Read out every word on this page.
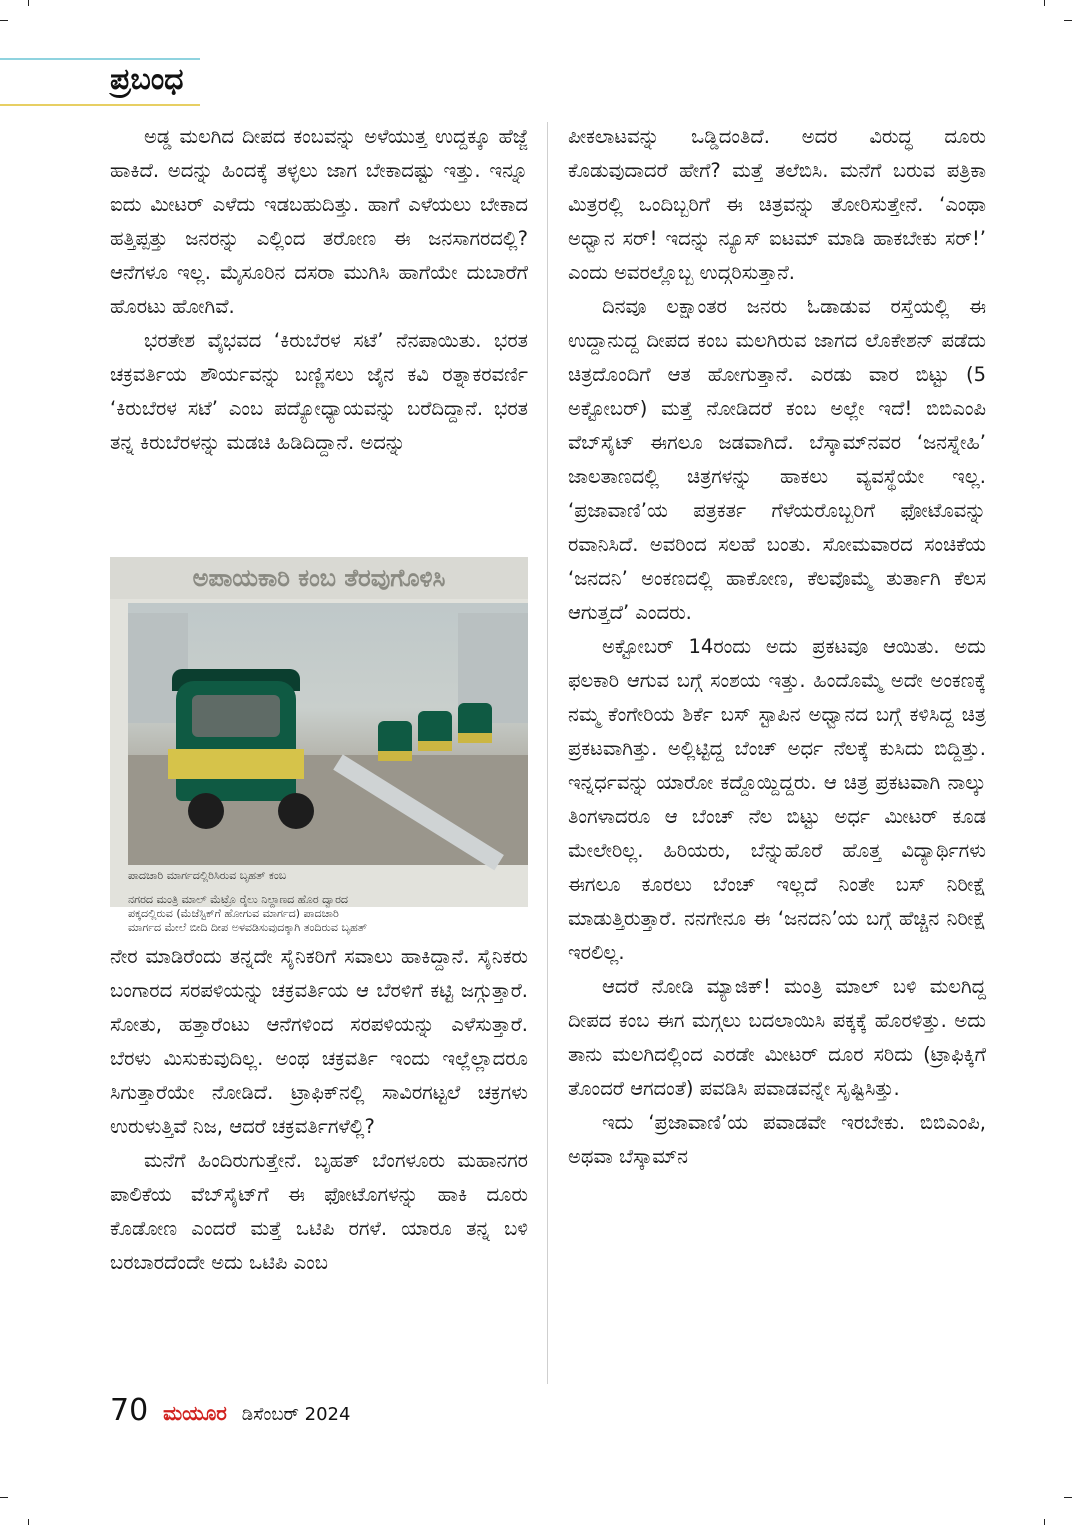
ಪ್ರಬಂಧ

ಅಡ್ಡ ಮಲಗಿದ ದೀಪದ ಕಂಬವನ್ನು ಅಳೆಯುತ್ತ ಉದ್ದಕ್ಕೂ ಹೆಜ್ಜೆ ಹಾಕಿದೆ. ಅದನ್ನು ಹಿಂದಕ್ಕೆ ತಳ್ಳಲು ಜಾಗ ಬೇಕಾದಷ್ಟು ಇತ್ತು. ಇನ್ನೂ ಐದು ಮೀಟರ್ ಎಳೆದು ಇಡಬಹುದಿತ್ತು. ಹಾಗೆ ಎಳೆಯಲು ಬೇಕಾದ ಹತ್ತಿಪ್ಪತ್ತು ಜನರನ್ನು ಎಲ್ಲಿಂದ ತರೋಣ ಈ ಜನಸಾಗರದಲ್ಲಿ? ಆನೆಗಳೂ ಇಲ್ಲ. ಮೈಸೂರಿನ ದಸರಾ ಮುಗಿಸಿ ಹಾಗೆಯೇ ದುಬಾರೆಗೆ ಹೊರಟು ಹೋಗಿವೆ.

ಭರತೇಶ ವೈಭವದ ‘ಕಿರುಬೆರಳ ಸಟೆ’ ನೆನಪಾಯಿತು. ಭರತ ಚಕ್ರವರ್ತಿಯ ಶೌರ್ಯವನ್ನು ಬಣ್ಣಿಸಲು ಜೈನ ಕವಿ ರತ್ನಾಕರವರ್ಣಿ ‘ಕಿರುಬೆರಳ ಸಟೆ’ ಎಂಬ ಪದ್ಯೋಧ್ಯಾಯವನ್ನು ಬರೆದಿದ್ದಾನೆ. ಭರತ ತನ್ನ ಕಿರುಬೆರಳನ್ನು ಮಡಚಿ ಹಿಡಿದಿದ್ದಾನೆ. ಅದನ್ನು

ನೇರ ಮಾಡಿರೆಂದು ತನ್ನದೇ ಸೈನಿಕರಿಗೆ ಸವಾಲು ಹಾಕಿದ್ದಾನೆ. ಸೈನಿಕರು ಬಂಗಾರದ ಸರಪಳಿಯನ್ನು ಚಕ್ರವರ್ತಿಯ ಆ ಬೆರಳಿಗೆ ಕಟ್ಟಿ ಜಗ್ಗುತ್ತಾರೆ. ಸೋತು, ಹತ್ತಾರೆಂಟು ಆನೆಗಳಿಂದ ಸರಪಳಿಯನ್ನು ಎಳೆಸುತ್ತಾರೆ. ಬೆರಳು ಮಿಸುಕುವುದಿಲ್ಲ. ಅಂಥ ಚಕ್ರವರ್ತಿ ಇಂದು ಇಲ್ಲೆಲ್ಲಾದರೂ ಸಿಗುತ್ತಾರೆಯೇ ನೋಡಿದೆ. ಟ್ರಾಫಿಕ್‌ನಲ್ಲಿ ಸಾವಿರಗಟ್ಟಲೆ ಚಕ್ರಗಳು ಉರುಳುತ್ತಿವೆ ನಿಜ, ಆದರೆ ಚಕ್ರವರ್ತಿಗಳೆಲ್ಲಿ?

ಮನೆಗೆ ಹಿಂದಿರುಗುತ್ತೇನೆ. ಬೃಹತ್ ಬೆಂಗಳೂರು ಮಹಾನಗರ ಪಾಲಿಕೆಯ ವೆಬ್‌ಸೈಟ್‌ಗೆ ಈ ಫೋಟೊಗಳನ್ನು ಹಾಕಿ ದೂರು ಕೊಡೋಣ ಎಂದರೆ ಮತ್ತೆ ಒಟಿಪಿ ರಗಳೆ. ಯಾರೂ ತನ್ನ ಬಳಿ ಬರಬಾರದೆಂದೇ ಅದು ಒಟಿಪಿ ಎಂಬ

ಅಪಾಯಕಾರಿ ಕಂಬ ತೆರವುಗೊಳಿಸಿ
ಪಾದಚಾರಿ ಮಾರ್ಗದಲ್ಲಿರಿಸಿರುವ ಬೃಹತ್ ಕಂಬ
ನಗರದ ಮಂತ್ರಿ ಮಾಲ್ ಮೆಟ್ರೊ ರೈಲು ನಿಲ್ದಾಣದ ಹೊರ ದ್ವಾರದ
ಪಕ್ಕದಲ್ಲಿರುವ (ಮೆಜೆಸ್ಟಿಕ್‌ಗೆ ಹೋಗುವ ಮಾರ್ಗದ) ಪಾದಚಾರಿ
ಮಾರ್ಗದ ಮೇಲೆ ಬೀದಿ ದೀಪ ಅಳವಡಿಸುವುದಕ್ಕಾಗಿ ತಂದಿರುವ ಬೃಹತ್

ಪೀಕಲಾಟವನ್ನು ಒಡ್ಡಿದಂತಿದೆ. ಅದರ ವಿರುದ್ಧ ದೂರು ಕೊಡುವುದಾದರೆ ಹೇಗೆ? ಮತ್ತೆ ತಲೆಬಿಸಿ. ಮನೆಗೆ ಬರುವ ಪತ್ರಿಕಾ ಮಿತ್ರರಲ್ಲಿ ಒಂದಿಬ್ಬರಿಗೆ ಈ ಚಿತ್ರವನ್ನು ತೋರಿಸುತ್ತೇನೆ. ‘ಎಂಥಾ ಅಧ್ವಾನ ಸರ್! ಇದನ್ನು ನ್ಯೂಸ್ ಐಟಮ್ ಮಾಡಿ ಹಾಕಬೇಕು ಸರ್!’ ಎಂದು ಅವರಲ್ಲೊಬ್ಬ ಉದ್ಗರಿಸುತ್ತಾನೆ.

ದಿನವೂ ಲಕ್ಷಾಂತರ ಜನರು ಓಡಾಡುವ ರಸ್ತೆಯಲ್ಲಿ ಈ ಉದ್ದಾನುದ್ದ ದೀಪದ ಕಂಬ ಮಲಗಿರುವ ಜಾಗದ ಲೊಕೇಶನ್ ಪಡೆದು ಚಿತ್ರದೊಂದಿಗೆ ಆತ ಹೋಗುತ್ತಾನೆ. ಎರಡು ವಾರ ಬಿಟ್ಟು (5 ಅಕ್ಟೋಬರ್) ಮತ್ತೆ ನೋಡಿದರೆ ಕಂಬ ಅಲ್ಲೇ ಇದೆ! ಬಿಬಿಎಂಪಿ ವೆಬ್‌ಸೈಟ್ ಈಗಲೂ ಜಡವಾಗಿದೆ. ಬೆಸ್ಕಾಮ್‌ನವರ ‘ಜನಸ್ನೇಹಿ’ ಜಾಲತಾಣದಲ್ಲಿ ಚಿತ್ರಗಳನ್ನು ಹಾಕಲು ವ್ಯವಸ್ಥೆಯೇ ಇಲ್ಲ. ‘ಪ್ರಜಾವಾಣಿ’ಯ ಪತ್ರಕರ್ತ ಗೆಳೆಯರೊಬ್ಬರಿಗೆ ಫೋಟೊವನ್ನು ರವಾನಿಸಿದೆ. ಅವರಿಂದ ಸಲಹೆ ಬಂತು. ಸೋಮವಾರದ ಸಂಚಿಕೆಯ ‘ಜನದನಿ’ ಅಂಕಣದಲ್ಲಿ ಹಾಕೋಣ, ಕೆಲವೊಮ್ಮೆ ತುರ್ತಾಗಿ ಕೆಲಸ ಆಗುತ್ತದೆ’ ಎಂದರು.

ಅಕ್ಟೋಬರ್ 14ರಂದು ಅದು ಪ್ರಕಟವೂ ಆಯಿತು. ಅದು ಫಲಕಾರಿ ಆಗುವ ಬಗ್ಗೆ ಸಂಶಯ ಇತ್ತು. ಹಿಂದೊಮ್ಮೆ ಅದೇ ಅಂಕಣಕ್ಕೆ ನಮ್ಮ ಕೆಂಗೇರಿಯ ಶಿರ್ಕೆ ಬಸ್ ಸ್ಟಾಪಿನ ಅಧ್ವಾನದ ಬಗ್ಗೆ ಕಳಿಸಿದ್ದ ಚಿತ್ರ ಪ್ರಕಟವಾಗಿತ್ತು. ಅಲ್ಲಿಟ್ಟಿದ್ದ ಬೆಂಚ್ ಅರ್ಧ ನೆಲಕ್ಕೆ ಕುಸಿದು ಬಿದ್ದಿತ್ತು. ಇನ್ನರ್ಧವನ್ನು ಯಾರೋ ಕದ್ದೊಯ್ದಿದ್ದರು. ಆ ಚಿತ್ರ ಪ್ರಕಟವಾಗಿ ನಾಲ್ಕು ತಿಂಗಳಾದರೂ ಆ ಬೆಂಚ್ ನೆಲ ಬಿಟ್ಟು ಅರ್ಧ ಮೀಟರ್ ಕೂಡ ಮೇಲೇರಿಲ್ಲ. ಹಿರಿಯರು, ಬೆನ್ನುಹೊರೆ ಹೊತ್ತ ವಿದ್ಯಾರ್ಥಿಗಳು ಈಗಲೂ ಕೂರಲು ಬೆಂಚ್ ಇಲ್ಲದೆ ನಿಂತೇ ಬಸ್ ನಿರೀಕ್ಷೆ ಮಾಡುತ್ತಿರುತ್ತಾರೆ. ನನಗೇನೂ ಈ ‘ಜನದನಿ’ಯ ಬಗ್ಗೆ ಹೆಚ್ಚಿನ ನಿರೀಕ್ಷೆ ಇರಲಿಲ್ಲ.

ಆದರೆ ನೋಡಿ ಮ್ಯಾಜಿಕ್! ಮಂತ್ರಿ ಮಾಲ್ ಬಳಿ ಮಲಗಿದ್ದ ದೀಪದ ಕಂಬ ಈಗ ಮಗ್ಗಲು ಬದಲಾಯಿಸಿ ಪಕ್ಕಕ್ಕೆ ಹೊರಳಿತ್ತು. ಅದು ತಾನು ಮಲಗಿದಲ್ಲಿಂದ ಎರಡೇ ಮೀಟರ್ ದೂರ ಸರಿದು (ಟ್ರಾಫಿಕ್ಕಿಗೆ ತೊಂದರೆ ಆಗದಂತೆ) ಪವಡಿಸಿ ಪವಾಡವನ್ನೇ ಸೃಷ್ಟಿಸಿತ್ತು.

ಇದು ‘ಪ್ರಜಾವಾಣಿ’ಯ ಪವಾಡವೇ ಇರಬೇಕು. ಬಿಬಿಎಂಪಿ, ಅಥವಾ ಬೆಸ್ಕಾಮ್‌ನ

70 ಮಯೂರ ಡಿಸೆಂಬರ್ 2024
